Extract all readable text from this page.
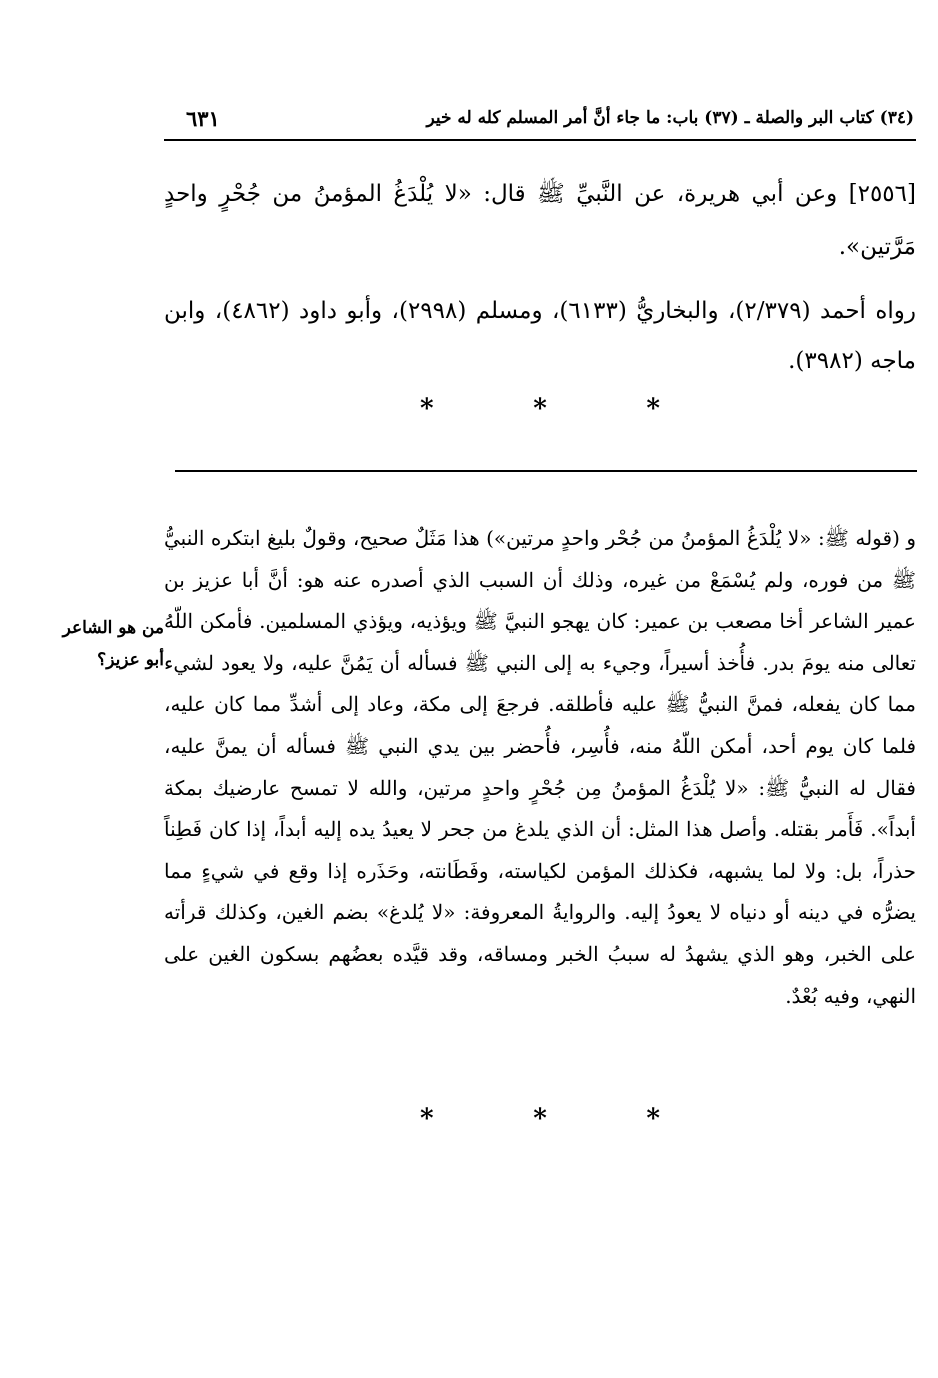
(٣٤) كتاب البر والصلة ـ (٣٧) باب: ما جاء أنَّ أمر المسلم كله له خير
٦٣١
[٢٥٥٦] وعن أبي هريرة، عن النَّبيِّ ﷺ قال: «لا يُلْدَغُ المؤمنُ من جُحْرٍ واحدٍ مَرَّتين».
رواه أحمد (٢/٣٧٩)، والبخاريُّ (٦١٣٣)، ومسلم (٢٩٩٨)، وأبو داود (٤٨٦٢)، وابن ماجه (٣٩٨٢).
*	*	*
و (قوله ﷺ: «لا يُلْدَغُ المؤمنُ من جُحْر واحدٍ مرتين») هذا مَثَلٌ صحيح، وقولٌ بليغ ابتكره النبيُّ ﷺ من فوره، ولم يُسْمَعْ من غيره، وذلك أن السبب الذي أصدره عنه هو: أنَّ أبا عزيز بن عمير الشاعر أخا مصعب بن عمير: كان يهجو النبيَّ ﷺ ويؤذيه، ويؤذي المسلمين. فأمكن اللّهُ تعالى منه يومَ بدر. فأُخذ أسيراً، وجيء به إلى النبي ﷺ فسأله أن يَمُنَّ عليه، ولا يعود لشيء مما كان يفعله، فمنَّ النبيُّ ﷺ عليه فأطلقه. فرجعَ إلى مكة، وعاد إلى أشدِّ مما كان عليه، فلما كان يوم أحد، أمكن اللّهُ منه، فأُسِر، فأُحضر بين يدي النبي ﷺ فسأله أن يمنَّ عليه، فقال له النبيُّ ﷺ: «لا يُلْدَغُ المؤمنُ مِن جُحْرٍ واحدٍ مرتين، والله لا تمسح عارضيك بمكة أبداً». فَأَمر بقتله. وأصل هذا المثل: أن الذي يلدغ من جحر لا يعيدُ يده إليه أبداً، إذا كان فَطِناً حذراً، بل: ولا لما يشبهه، فكذلك المؤمن لكياسته، وفَطَانته، وحَذَره إذا وقع في شيءٍ مما يضرُّه في دينه أو دنياه لا يعودُ إليه. والروايةُ المعروفة: «لا يُلدغ» بضم الغين، وكذلك قرأته على الخبر، وهو الذي يشهدُ له سببُ الخبر ومساقه، وقد قيَّده بعضُهم بسكون الغين على النهي، وفيه بُعْدٌ.
من هو الشاعر أبو عزيز؟
*	*	*
